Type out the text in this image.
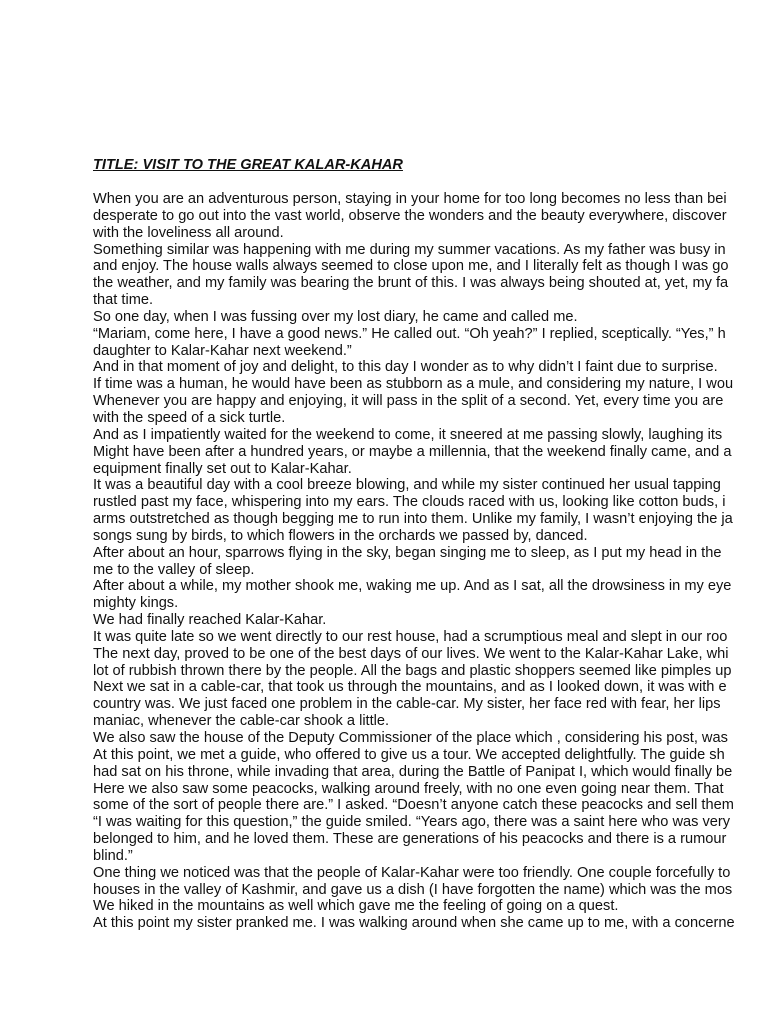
TITLE: VISIT TO THE GREAT KALAR-KAHAR
When you are an adventurous person, staying in your home for too long becomes no less than bei
desperate to go out into the vast world, observe the wonders and the beauty everywhere, discover
with the loveliness all around.
Something similar was happening with me during my summer vacations. As my father was busy in
and enjoy. The house walls always seemed to close upon me, and I literally felt as though I was go
the weather, and my family was bearing the brunt of this. I was always being shouted at, yet, my fa
that time.
So one day, when I was fussing over my lost diary, he came and called me.
“Mariam, come here, I have a good news.” He called out. “Oh yeah?” I replied, sceptically. “Yes,” h
daughter to Kalar-Kahar next weekend.”
And in that moment of joy and delight, to this day I wonder as to why didn’t I faint due to surprise.
If time was a human, he would have been as stubborn as a mule, and considering my nature, I wou
Whenever you are happy and enjoying, it will pass in the split of a second. Yet, every time you are
with the speed of a sick turtle.
And as I impatiently waited for the weekend to come, it sneered at me passing slowly, laughing its
Might have been after a hundred years, or maybe a millennia, that the weekend finally came, and a
equipment finally set out to Kalar-Kahar.
It was a beautiful day with a cool breeze blowing, and while my sister continued her usual tapping
rustled past my face, whispering into my ears. The clouds raced with us, looking like cotton buds, i
arms outstretched as though begging me to run into them. Unlike my family, I wasn’t enjoying the ja
songs sung by birds, to which flowers in the orchards we passed by, danced.
After about an hour, sparrows flying in the sky, began singing me to sleep, as I put my head in the
me to the valley of sleep.
After about a while, my mother shook me, waking me up. And as I sat, all the drowsiness in my eye
mighty kings.
We had finally reached Kalar-Kahar.
It was quite late so we went directly to our rest house, had a scrumptious meal and slept in our roo
The next day, proved to be one of the best days of our lives. We went to the Kalar-Kahar Lake, whi
lot of rubbish thrown there by the people. All the bags and plastic shoppers seemed like pimples up
Next we sat in a cable-car, that took us through the mountains, and as I looked down, it was with e
country was. We just faced one problem in the cable-car. My sister, her face red with fear, her lips
maniac, whenever the cable-car shook a little.
We also saw the house of the Deputy Commissioner of the place which , considering his post, was
At this point, we met a guide, who offered to give us a tour. We accepted delightfully. The guide sh
had sat on his throne, while invading that area, during the Battle of Panipat I, which would finally be
Here we also saw some peacocks, walking around freely, with no one even going near them. That
some of the sort of people there are.” I asked. “Doesn’t anyone catch these peacocks and sell them
“I was waiting for this question,” the guide smiled. “Years ago, there was a saint here who was very
belonged to him, and he loved them. These are generations of his peacocks and there is a rumour
blind.”
One thing we noticed was that the people of Kalar-Kahar were too friendly. One couple forcefully to
houses in the valley of Kashmir, and gave us a dish (I have forgotten the name) which was the mos
We hiked in the mountains as well which gave me the feeling of going on a quest.
At this point my sister pranked me. I was walking around when she came up to me, with a concerne
